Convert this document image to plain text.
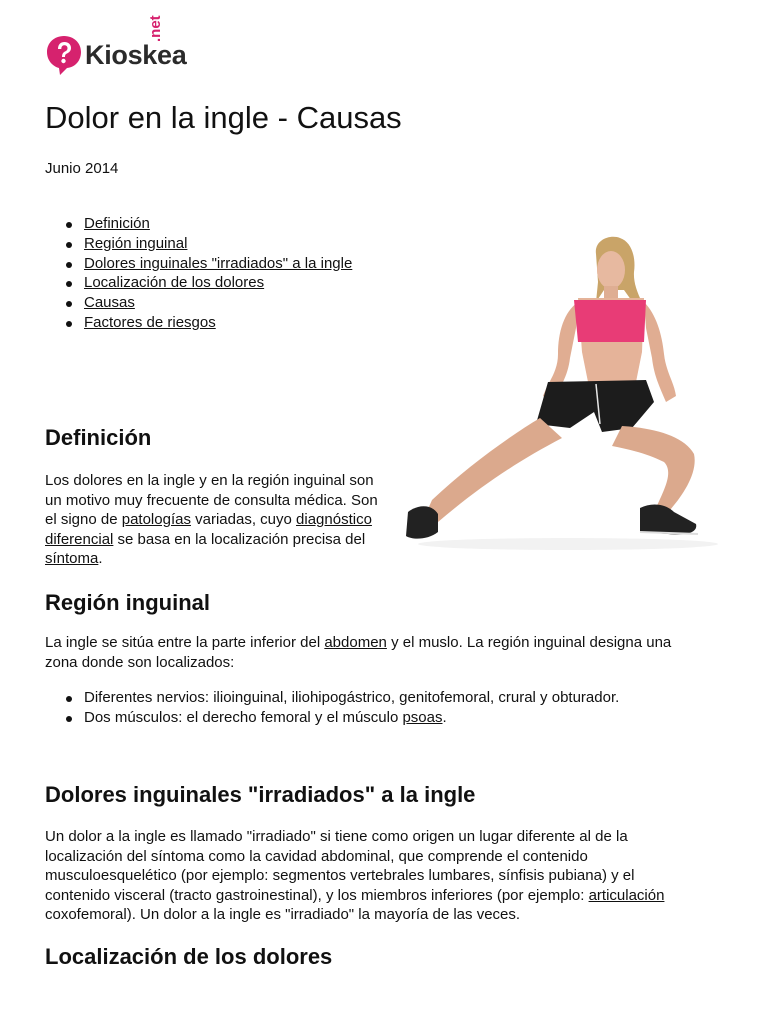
Kioskea
.net
Dolor en la ingle - Causas
Junio 2014
Definición
Región inguinal
Dolores inguinales "irradiados" a la ingle
Localización de los dolores
Causas
Factores de riesgos
Definición
Los dolores en la ingle y en la región inguinal son
un motivo muy frecuente de consulta médica. Son
el signo de patologías variadas, cuyo diagnóstico
diferencial se basa en la localización precisa del
síntoma.
Región inguinal
La ingle se sitúa entre la parte inferior del abdomen y el muslo. La región inguinal designa una
zona donde son localizados:
Diferentes nervios: ilioinguinal, iliohipogástrico, genitofemoral, crural y obturador.
Dos músculos: el derecho femoral y el músculo psoas.
Dolores inguinales "irradiados" a la ingle
Un dolor a la ingle es llamado "irradiado" si tiene como origen un lugar diferente al de la
localización del síntoma como la cavidad abdominal, que comprende el contenido
musculoesquelético (por ejemplo: segmentos vertebrales lumbares, sínfisis pubiana) y el
contenido visceral (tracto gastroinestinal), y los miembros inferiores (por ejemplo: articulación
coxofemoral). Un dolor a la ingle es "irradiado" la mayoría de las veces.
Localización de los dolores
